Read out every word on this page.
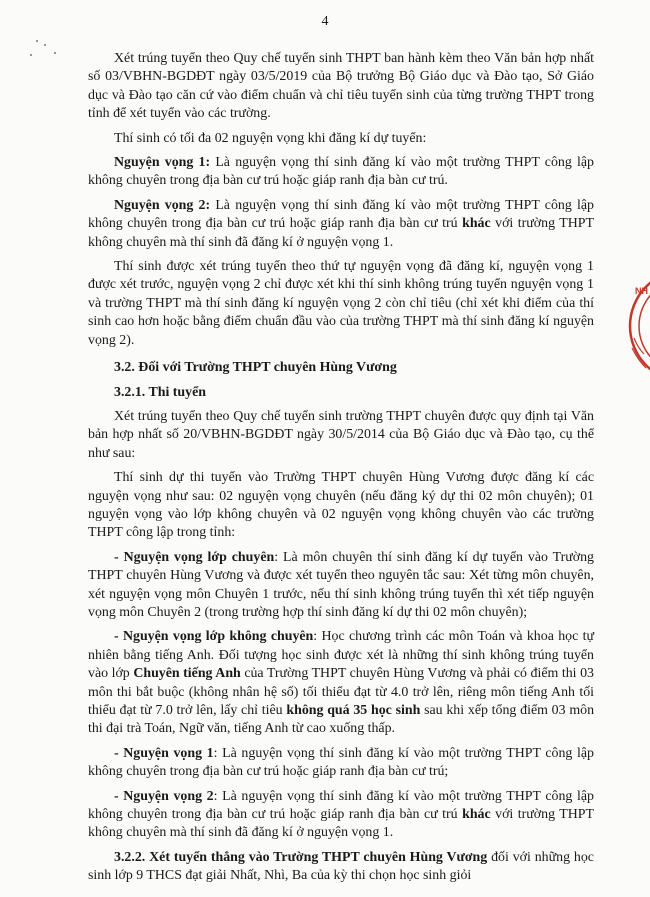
4

Xét trúng tuyển theo Quy chế tuyển sinh THPT ban hành kèm theo Văn bản hợp nhất số 03/VBHN-BGDĐT ngày 03/5/2019 của Bộ trưởng Bộ Giáo dục và Đào tạo, Sở Giáo dục và Đào tạo căn cứ vào điểm chuẩn và chỉ tiêu tuyển sinh của từng trường THPT trong tỉnh để xét tuyển vào các trường.

Thí sinh có tối đa 02 nguyện vọng khi đăng kí dự tuyển:

Nguyện vọng 1: Là nguyện vọng thí sinh đăng kí vào một trường THPT công lập không chuyên trong địa bàn cư trú hoặc giáp ranh địa bàn cư trú.

Nguyện vọng 2: Là nguyện vọng thí sinh đăng kí vào một trường THPT công lập không chuyên trong địa bàn cư trú hoặc giáp ranh địa bàn cư trú khác với trường THPT không chuyên mà thí sinh đã đăng kí ở nguyện vọng 1.

Thí sinh được xét trúng tuyển theo thứ tự nguyện vọng đã đăng kí, nguyện vọng 1 được xét trước, nguyện vọng 2 chỉ được xét khi thí sinh không trúng tuyển nguyện vọng 1 và trường THPT mà thí sinh đăng kí nguyện vọng 2 còn chỉ tiêu (chỉ xét khi điểm của thí sinh cao hơn hoặc bằng điểm chuẩn đầu vào của trường THPT mà thí sinh đăng kí nguyện vọng 2).

3.2. Đối với Trường THPT chuyên Hùng Vương
3.2.1. Thi tuyển

Xét trúng tuyển theo Quy chế tuyển sinh trường THPT chuyên được quy định tại Văn bản hợp nhất số 20/VBHN-BGDĐT ngày 30/5/2014 của Bộ Giáo dục và Đào tạo, cụ thể như sau:

Thí sinh dự thi tuyển vào Trường THPT chuyên Hùng Vương được đăng kí các nguyện vọng như sau: 02 nguyện vọng chuyên (nếu đăng ký dự thi 02 môn chuyên); 01 nguyện vọng vào lớp không chuyên và 02 nguyện vọng không chuyên vào các trường THPT công lập trong tỉnh:

- Nguyện vọng lớp chuyên: Là môn chuyên thí sinh đăng kí dự tuyển vào Trường THPT chuyên Hùng Vương và được xét tuyển theo nguyên tắc sau: Xét từng môn chuyên, xét nguyện vọng môn Chuyên 1 trước, nếu thí sinh không trúng tuyển thì xét tiếp nguyện vọng môn Chuyên 2 (trong trường hợp thí sinh đăng kí dự thi 02 môn chuyên);

- Nguyện vọng lớp không chuyên: Học chương trình các môn Toán và khoa học tự nhiên bằng tiếng Anh. Đối tượng học sinh được xét là những thí sinh không trúng tuyển vào lớp Chuyên tiếng Anh của Trường THPT chuyên Hùng Vương và phải có điểm thi 03 môn thi bắt buộc (không nhân hệ số) tối thiểu đạt từ 4.0 trở lên, riêng môn tiếng Anh tối thiểu đạt từ 7.0 trở lên, lấy chỉ tiêu không quá 35 học sinh sau khi xếp tổng điểm 03 môn thi đại trà Toán, Ngữ văn, tiếng Anh từ cao xuống thấp.

- Nguyện vọng 1: Là nguyện vọng thí sinh đăng kí vào một trường THPT công lập không chuyên trong địa bàn cư trú hoặc giáp ranh địa bàn cư trú;

- Nguyện vọng 2: Là nguyện vọng thí sinh đăng kí vào một trường THPT công lập không chuyên trong địa bàn cư trú hoặc giáp ranh địa bàn cư trú khác với trường THPT không chuyên mà thí sinh đã đăng kí ở nguyện vọng 1.

3.2.2. Xét tuyển thẳng vào Trường THPT chuyên Hùng Vương đối với những học sinh lớp 9 THCS đạt giải Nhất, Nhì, Ba của kỳ thi chọn học sinh giỏi

NH
